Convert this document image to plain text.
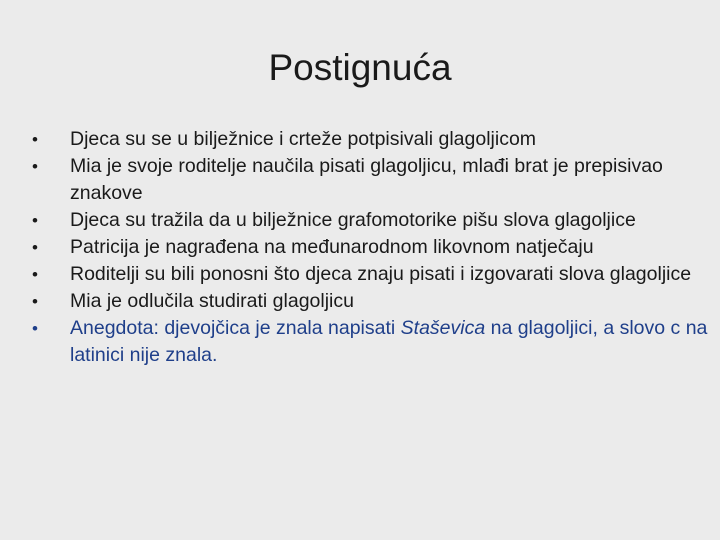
Postignuća
•	Djeca su se u bilježnice i crteže potpisivali glagoljicom
•	Mia je svoje roditelje naučila pisati glagoljicu, mlađi brat je prepisivao znakove
•	Djeca su tražila da u bilježnice grafomotorike pišu slova glagoljice
•	Patricija je nagrađena na međunarodnom likovnom natječaju
•	Roditelji su bili ponosni što djeca znaju pisati i izgovarati slova glagoljice
•	Mia je odlučila studirati glagoljicu
•	Anegdota: djevojčica je znala napisati Staševica na glagoljici, a slovo c na latinici nije znala.
